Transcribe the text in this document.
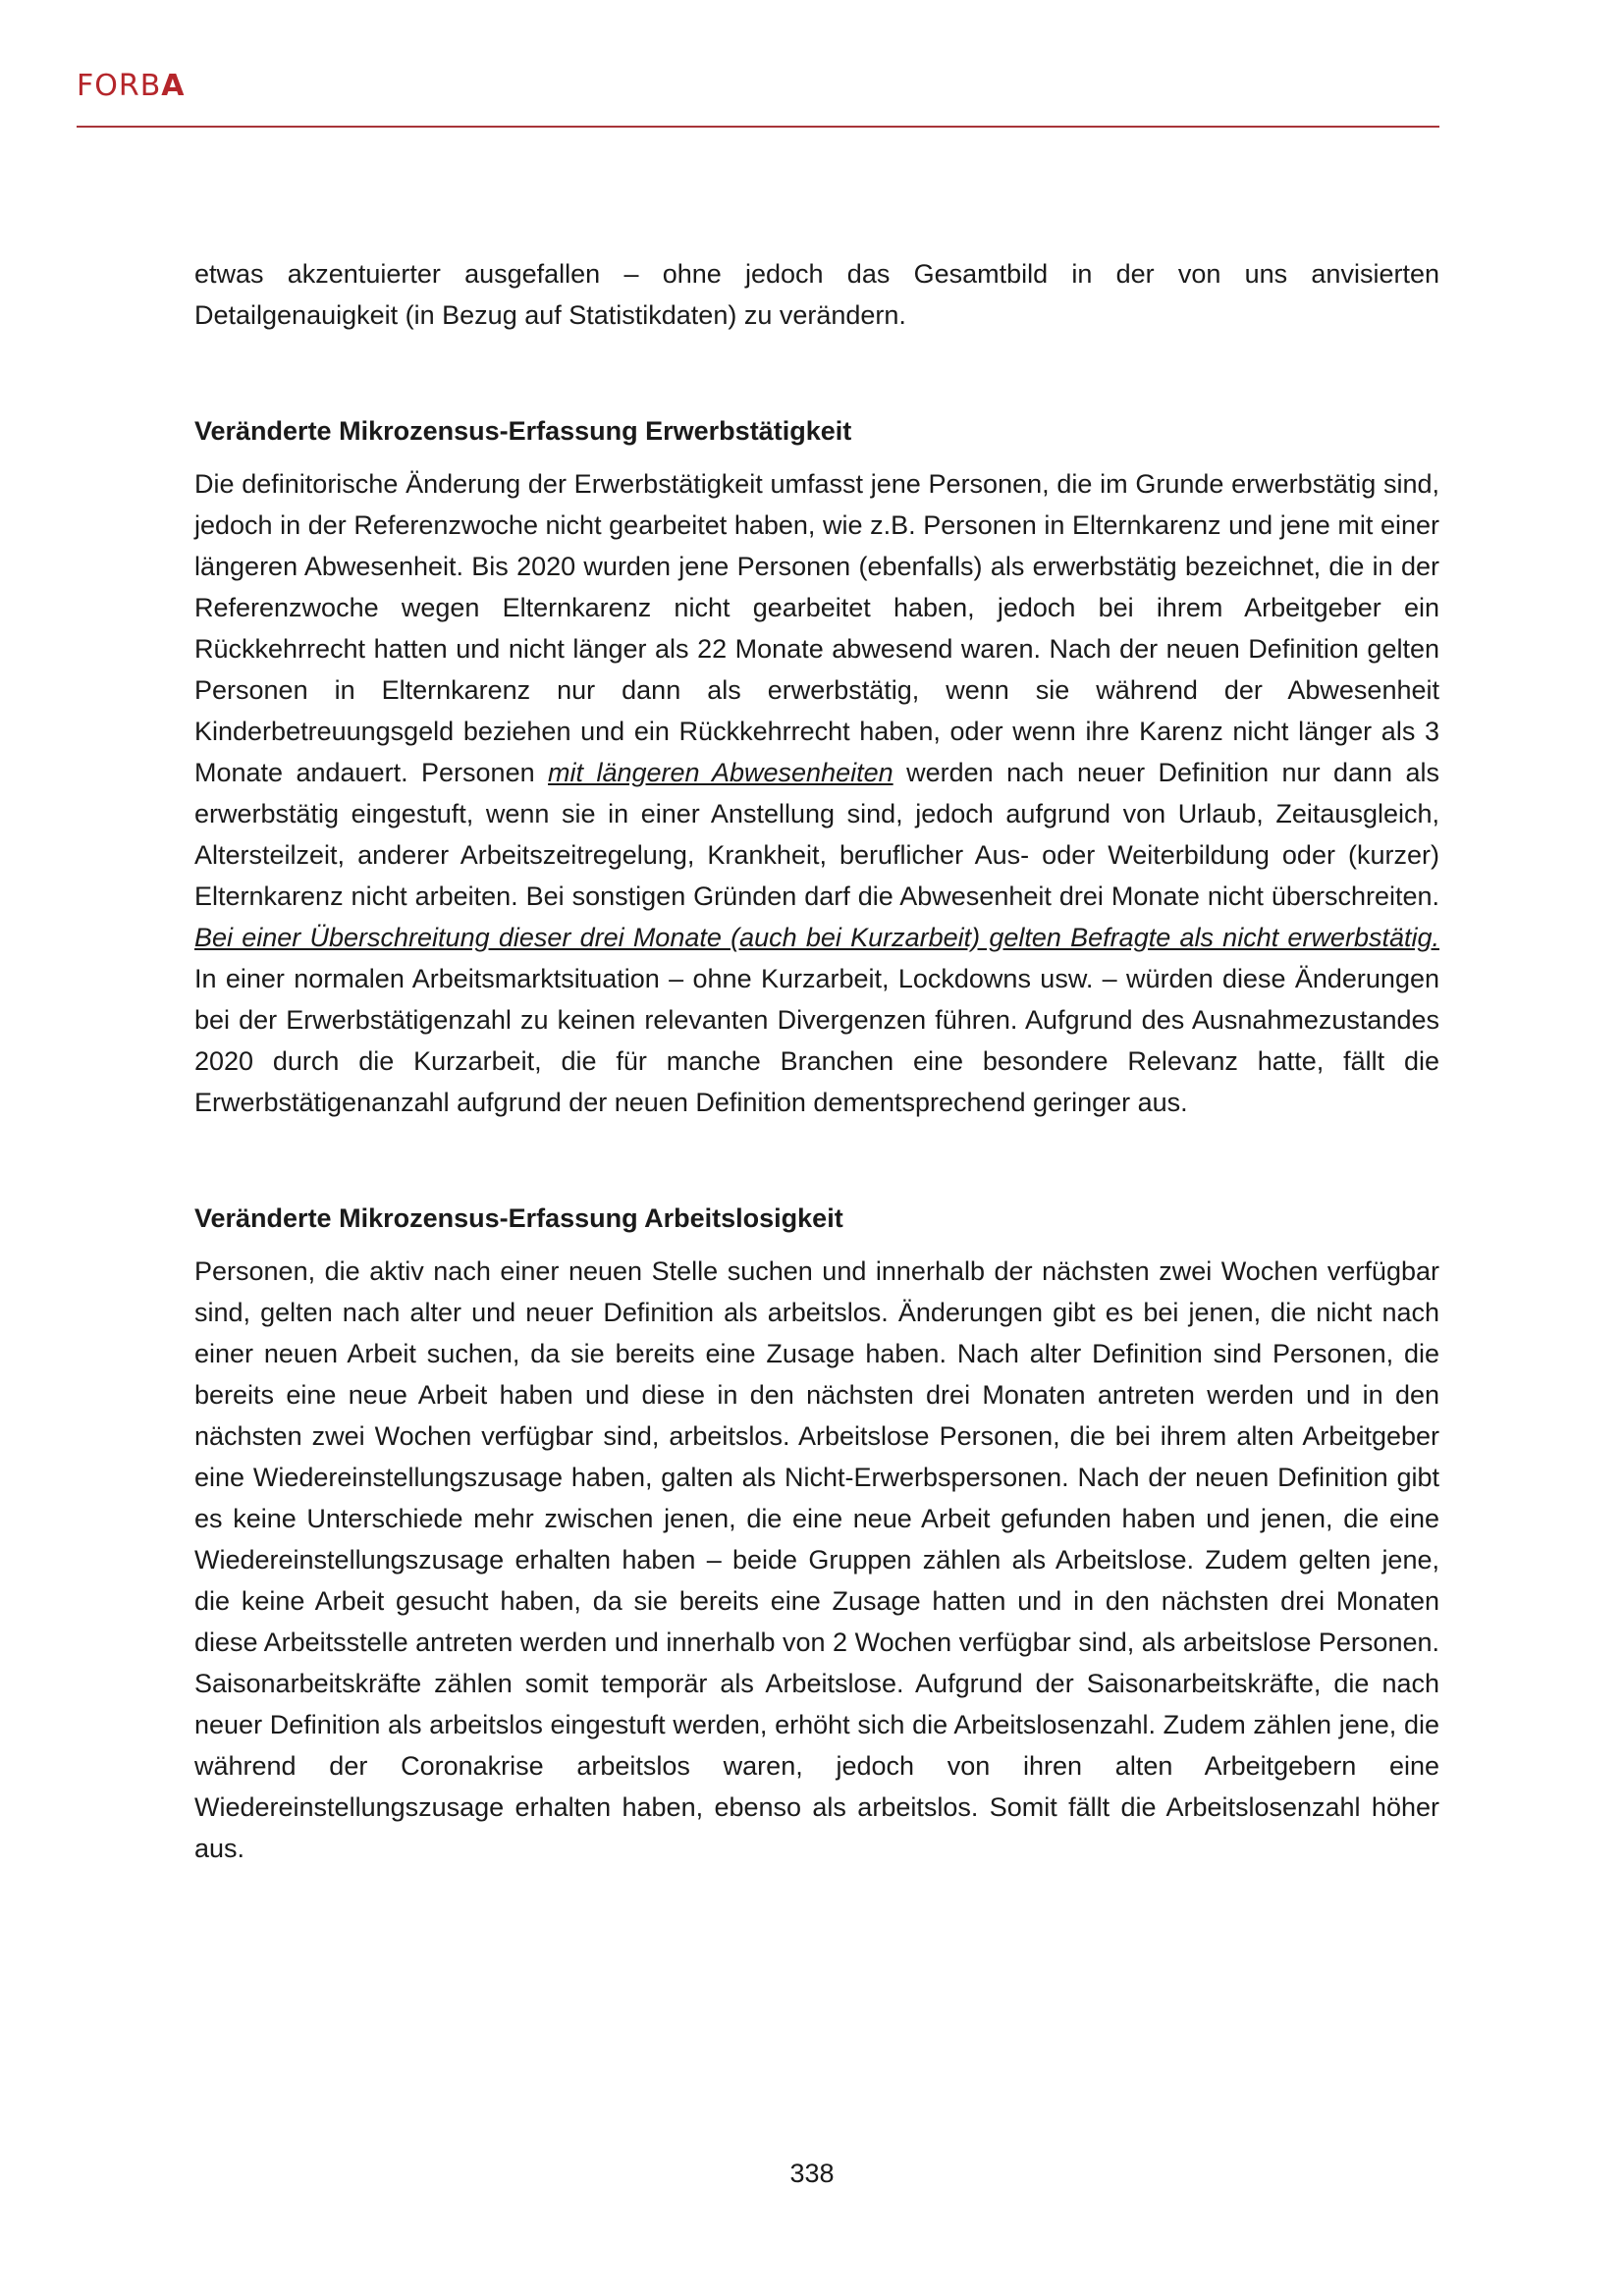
FORBA

etwas akzentuierter ausgefallen – ohne jedoch das Gesamtbild in der von uns anvisierten Detailgenauigkeit (in Bezug auf Statistikdaten) zu verändern.

Veränderte Mikrozensus-Erfassung Erwerbstätigkeit

Die definitorische Änderung der Erwerbstätigkeit umfasst jene Personen, die im Grunde erwerbstätig sind, jedoch in der Referenzwoche nicht gearbeitet haben, wie z.B. Personen in Elternkarenz und jene mit einer längeren Abwesenheit. Bis 2020 wurden jene Personen (ebenfalls) als erwerbstätig bezeichnet, die in der Referenzwoche wegen Elternkarenz nicht gearbeitet haben, jedoch bei ihrem Arbeitgeber ein Rückkehrrecht hatten und nicht länger als 22 Monate abwesend waren. Nach der neuen Definition gelten Personen in Elternkarenz nur dann als erwerbstätig, wenn sie während der Abwesenheit Kinderbetreuungsgeld beziehen und ein Rückkehrrecht haben, oder wenn ihre Karenz nicht länger als 3 Monate andauert. Personen mit längeren Abwesenheiten werden nach neuer Definition nur dann als erwerbstätig eingestuft, wenn sie in einer Anstellung sind, jedoch aufgrund von Urlaub, Zeitausgleich, Altersteilzeit, anderer Arbeitszeitregelung, Krankheit, beruflicher Aus- oder Weiterbildung oder (kurzer) Elternkarenz nicht arbeiten. Bei sonstigen Gründen darf die Abwesenheit drei Monate nicht überschreiten. Bei einer Überschreitung dieser drei Monate (auch bei Kurzarbeit) gelten Befragte als nicht erwerbstätig. In einer normalen Arbeitsmarktsituation – ohne Kurzarbeit, Lockdowns usw. – würden diese Änderungen bei der Erwerbstätigenzahl zu keinen relevanten Divergenzen führen. Aufgrund des Ausnahmezustandes 2020 durch die Kurzarbeit, die für manche Branchen eine besondere Relevanz hatte, fällt die Erwerbstätigenanzahl aufgrund der neuen Definition dementsprechend geringer aus.

Veränderte Mikrozensus-Erfassung Arbeitslosigkeit

Personen, die aktiv nach einer neuen Stelle suchen und innerhalb der nächsten zwei Wochen verfügbar sind, gelten nach alter und neuer Definition als arbeitslos. Änderungen gibt es bei jenen, die nicht nach einer neuen Arbeit suchen, da sie bereits eine Zusage haben. Nach alter Definition sind Personen, die bereits eine neue Arbeit haben und diese in den nächsten drei Monaten antreten werden und in den nächsten zwei Wochen verfügbar sind, arbeitslos. Arbeitslose Personen, die bei ihrem alten Arbeitgeber eine Wiedereinstellungszusage haben, galten als Nicht-Erwerbspersonen. Nach der neuen Definition gibt es keine Unterschiede mehr zwischen jenen, die eine neue Arbeit gefunden haben und jenen, die eine Wiedereinstellungszusage erhalten haben – beide Gruppen zählen als Arbeitslose. Zudem gelten jene, die keine Arbeit gesucht haben, da sie bereits eine Zusage hatten und in den nächsten drei Monaten diese Arbeitsstelle antreten werden und innerhalb von 2 Wochen verfügbar sind, als arbeitslose Personen. Saisonarbeitskräfte zählen somit temporär als Arbeitslose. Aufgrund der Saisonarbeitskräfte, die nach neuer Definition als arbeitslos eingestuft werden, erhöht sich die Arbeitslosenzahl. Zudem zählen jene, die während der Coronakrise arbeitslos waren, jedoch von ihren alten Arbeitgebern eine Wiedereinstellungszusage erhalten haben, ebenso als arbeitslos. Somit fällt die Arbeitslosenzahl höher aus.

338
